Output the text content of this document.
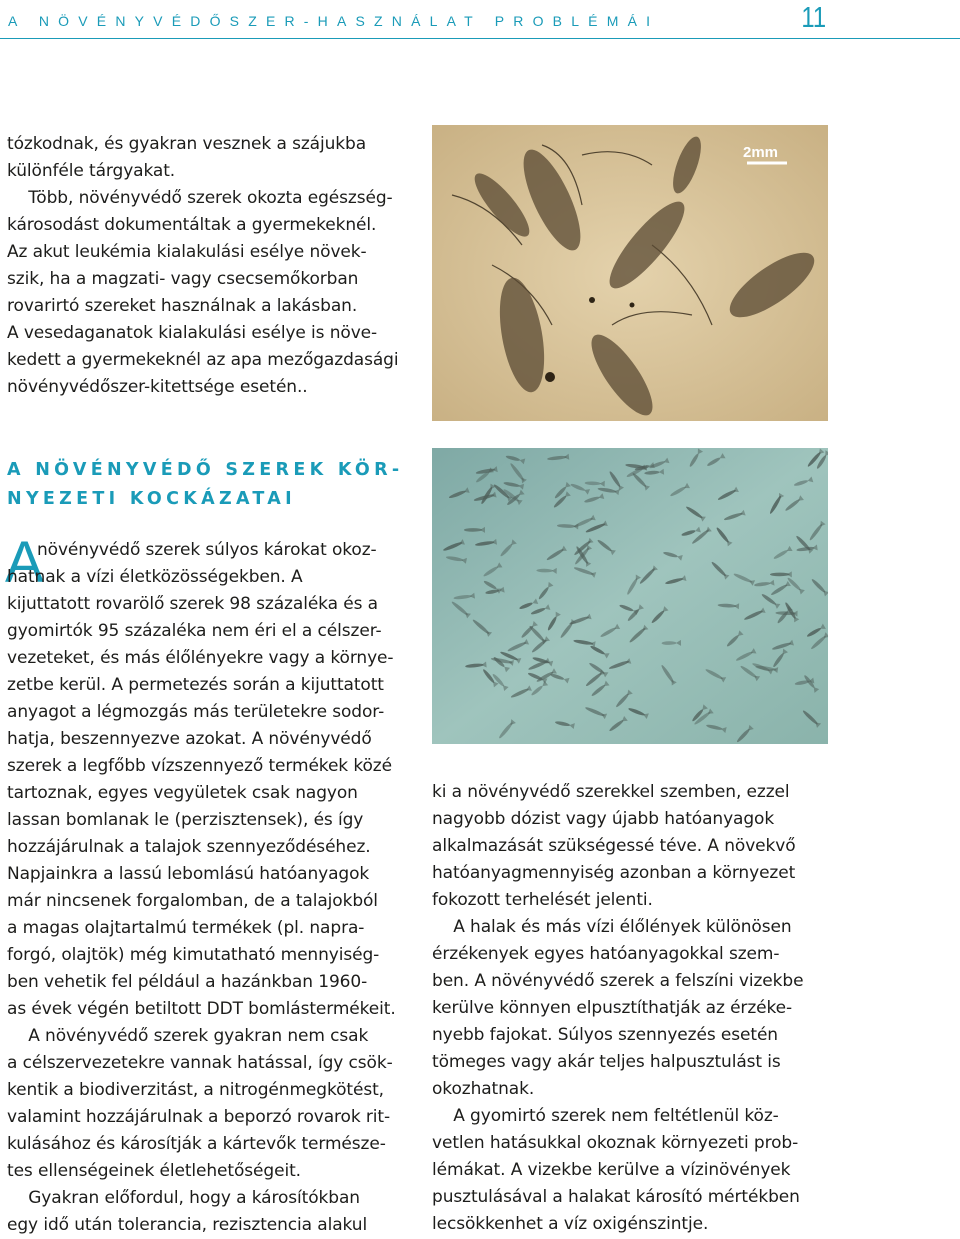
A NÖVÉNYVÉDŐSZER-HASZNÁLAT PROBLÉMÁI	11
tózkodnak, és gyakran vesznek a szájukba
különféle tárgyakat.
Több, növényvédő szerek okozta egészség-
károsodást dokumentáltak a gyermekeknél.
Az akut leukémia kialakulási esélye növek-
szik, ha a magzati- vagy csecsemőkorban
rovarirtó szereket használnak a lakásban.
A vesedaganatok kialakulási esélye is növe-
kedett a gyermekeknél az apa mezőgazdasági
növényvédőszer-kitettsége esetén..
A NÖVÉNYVÉDŐ SZEREK KÖR-
NYEZETI KOCKÁZATAI
A
növényvédő szerek súlyos károkat okoz-
hatnak a vízi életközösségekben. A
kijuttatott rovarölő szerek 98 százaléka és a
gyomirtók 95 százaléka nem éri el a célszer-
vezeteket, és más élőlényekre vagy a környe-
zetbe kerül. A permetezés során a kijuttatott
anyagot a légmozgás más területekre sodor-
hatja, beszennyezve azokat. A növényvédő
szerek a legfőbb vízszennyező termékek közé
tartoznak, egyes vegyületek csak nagyon
lassan bomlanak le (perzisztensek), és így
hozzájárulnak a talajok szennyeződéséhez.
Napjainkra a lassú lebomlású hatóanyagok
már nincsenek forgalomban, de a talajokból
a magas olajtartalmú termékek (pl. napra-
forgó, olajtök) még kimutatható mennyiség-
ben vehetik fel például a hazánkban 1960-
as évek végén betiltott DDT bomlástermékeit.
A növényvédő szerek gyakran nem csak
a célszervezetekre vannak hatással, így csök-
kentik a biodiverzitást, a nitrogénmegkötést,
valamint hozzájárulnak a beporzó rovarok rit-
kulásához és károsítják a kártevők természe-
tes ellenségeinek életlehetőségeit.
Gyakran előfordul, hogy a károsítókban
egy idő után tolerancia, rezisztencia alakul
ki a növényvédő szerekkel szemben, ezzel
nagyobb dózist vagy újabb hatóanyagok
alkalmazását szükségessé téve. A növekvő
hatóanyagmennyiség azonban a környezet
fokozott terhelését jelenti.
A halak és más vízi élőlények különösen
érzékenyek egyes hatóanyagokkal szem-
ben. A növényvédő szerek a felszíni vizekbe
kerülve könnyen elpusztíthatják az érzéke-
nyebb fajokat. Súlyos szennyezés esetén
tömeges vagy akár teljes halpusztulást is
okozhatnak.
A gyomirtó szerek nem feltétlenül köz-
vetlen hatásukkal okoznak környezeti prob-
lémákat. A vizekbe kerülve a vízinövények
pusztulásával a halakat károsító mértékben
lecsökkenhet a víz oxigénszintje.
2mm
